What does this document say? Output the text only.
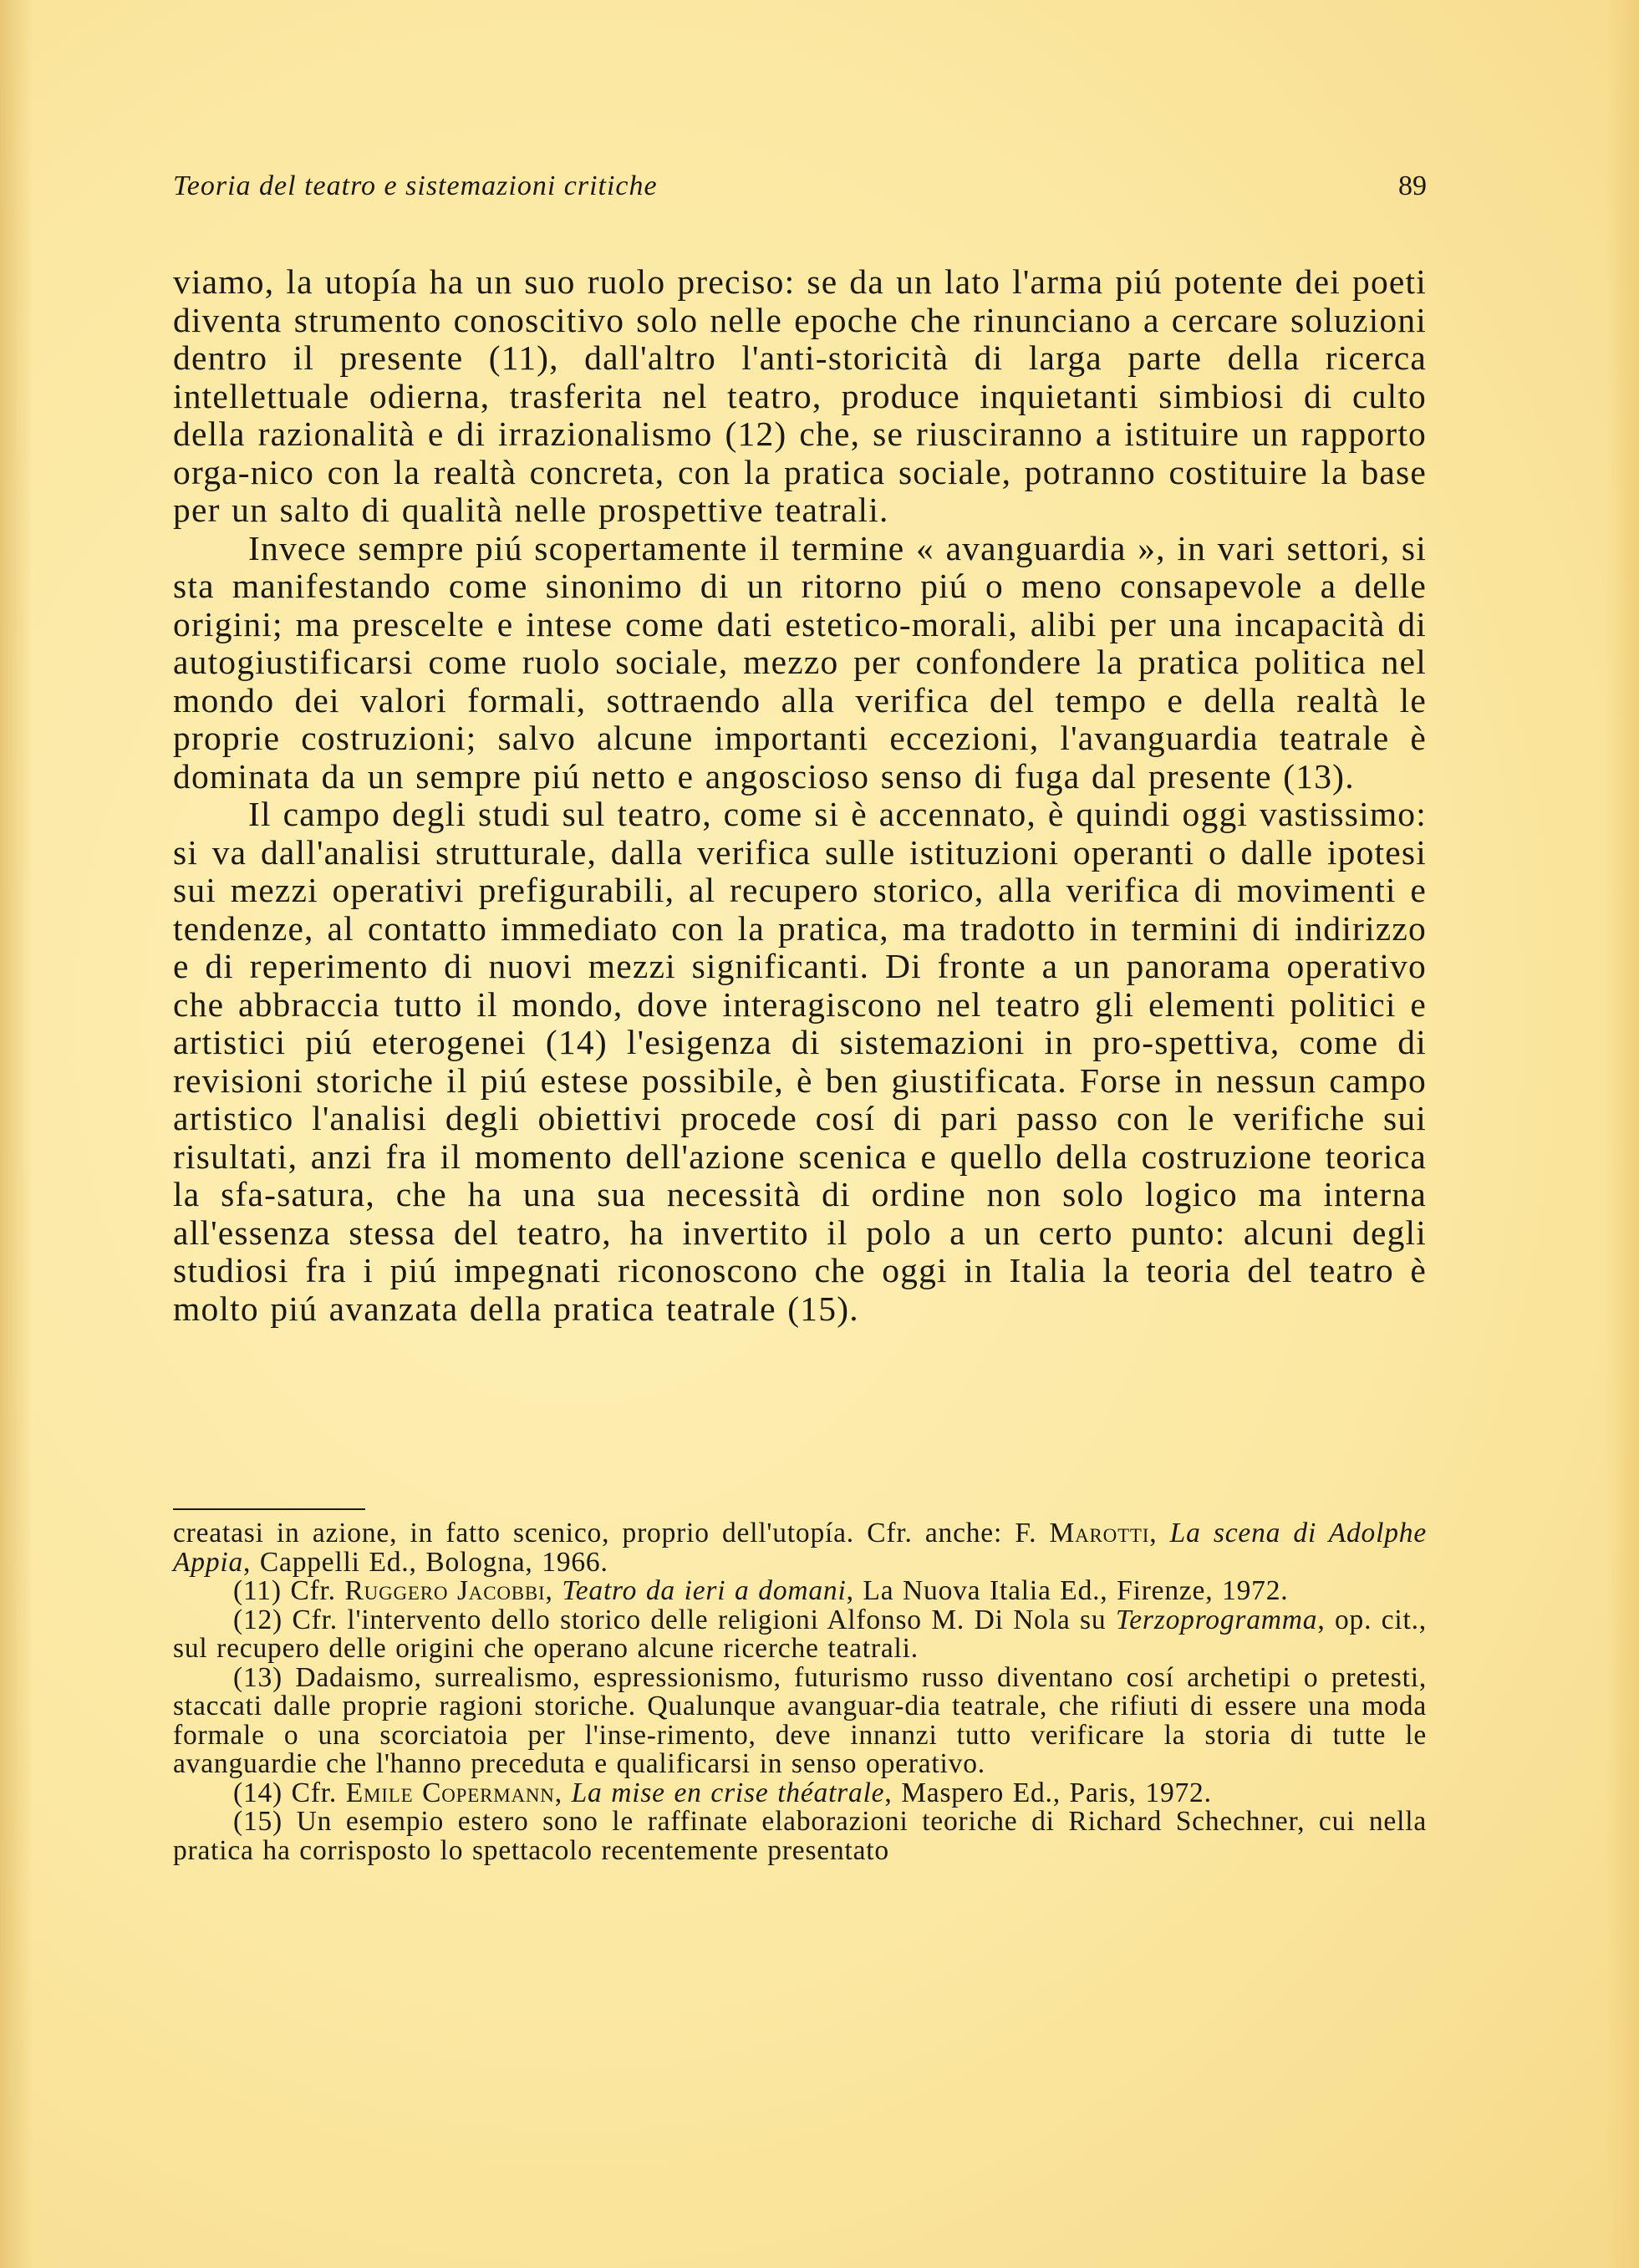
Teoria del teatro e sistemazioni critiche	89

viamo, la utopía ha un suo ruolo preciso: se da un lato l'arma piú potente dei poeti diventa strumento conoscitivo solo nelle epoche che rinunciano a cercare soluzioni dentro il presente (11), dall'altro l'anti-storicità di larga parte della ricerca intellettuale odierna, trasferita nel teatro, produce inquietanti simbiosi di culto della razionalità e di irrazionalismo (12) che, se riusciranno a istituire un rapporto orga-nico con la realtà concreta, con la pratica sociale, potranno costituire la base per un salto di qualità nelle prospettive teatrali.

Invece sempre piú scopertamente il termine « avanguardia », in vari settori, si sta manifestando come sinonimo di un ritorno piú o meno consapevole a delle origini; ma prescelte e intese come dati estetico-morali, alibi per una incapacità di autogiustificarsi come ruolo sociale, mezzo per confondere la pratica politica nel mondo dei valori formali, sottraendo alla verifica del tempo e della realtà le proprie costruzioni; salvo alcune importanti eccezioni, l'avanguardia teatrale è dominata da un sempre piú netto e angoscioso senso di fuga dal presente (13).

Il campo degli studi sul teatro, come si è accennato, è quindi oggi vastissimo: si va dall'analisi strutturale, dalla verifica sulle istituzioni operanti o dalle ipotesi sui mezzi operativi prefigurabili, al recupero storico, alla verifica di movimenti e tendenze, al contatto immediato con la pratica, ma tradotto in termini di indirizzo e di reperimento di nuovi mezzi significanti. Di fronte a un panorama operativo che abbraccia tutto il mondo, dove interagiscono nel teatro gli elementi politici e artistici piú eterogenei (14) l'esigenza di sistemazioni in pro-spettiva, come di revisioni storiche il piú estese possibile, è ben giustificata. Forse in nessun campo artistico l'analisi degli obiettivi procede cosí di pari passo con le verifiche sui risultati, anzi fra il momento dell'azione scenica e quello della costruzione teorica la sfa-satura, che ha una sua necessità di ordine non solo logico ma interna all'essenza stessa del teatro, ha invertito il polo a un certo punto: alcuni degli studiosi fra i piú impegnati riconoscono che oggi in Italia la teoria del teatro è molto piú avanzata della pratica teatrale (15).

creatasi in azione, in fatto scenico, proprio dell'utopía. Cfr. anche: F. Marotti, La scena di Adolphe Appia, Cappelli Ed., Bologna, 1966.

(11) Cfr. Ruggero Jacobbi, Teatro da ieri a domani, La Nuova Italia Ed., Firenze, 1972.

(12) Cfr. l'intervento dello storico delle religioni Alfonso M. Di Nola su Terzoprogramma, op. cit., sul recupero delle origini che operano alcune ricerche teatrali.

(13) Dadaismo, surrealismo, espressionismo, futurismo russo diventano cosí archetipi o pretesti, staccati dalle proprie ragioni storiche. Qualunque avanguar-dia teatrale, che rifiuti di essere una moda formale o una scorciatoia per l'inse-rimento, deve innanzi tutto verificare la storia di tutte le avanguardie che l'hanno preceduta e qualificarsi in senso operativo.

(14) Cfr. Emile Copermann, La mise en crise théatrale, Maspero Ed., Paris, 1972.

(15) Un esempio estero sono le raffinate elaborazioni teoriche di Richard Schechner, cui nella pratica ha corrisposto lo spettacolo recentemente presentato
